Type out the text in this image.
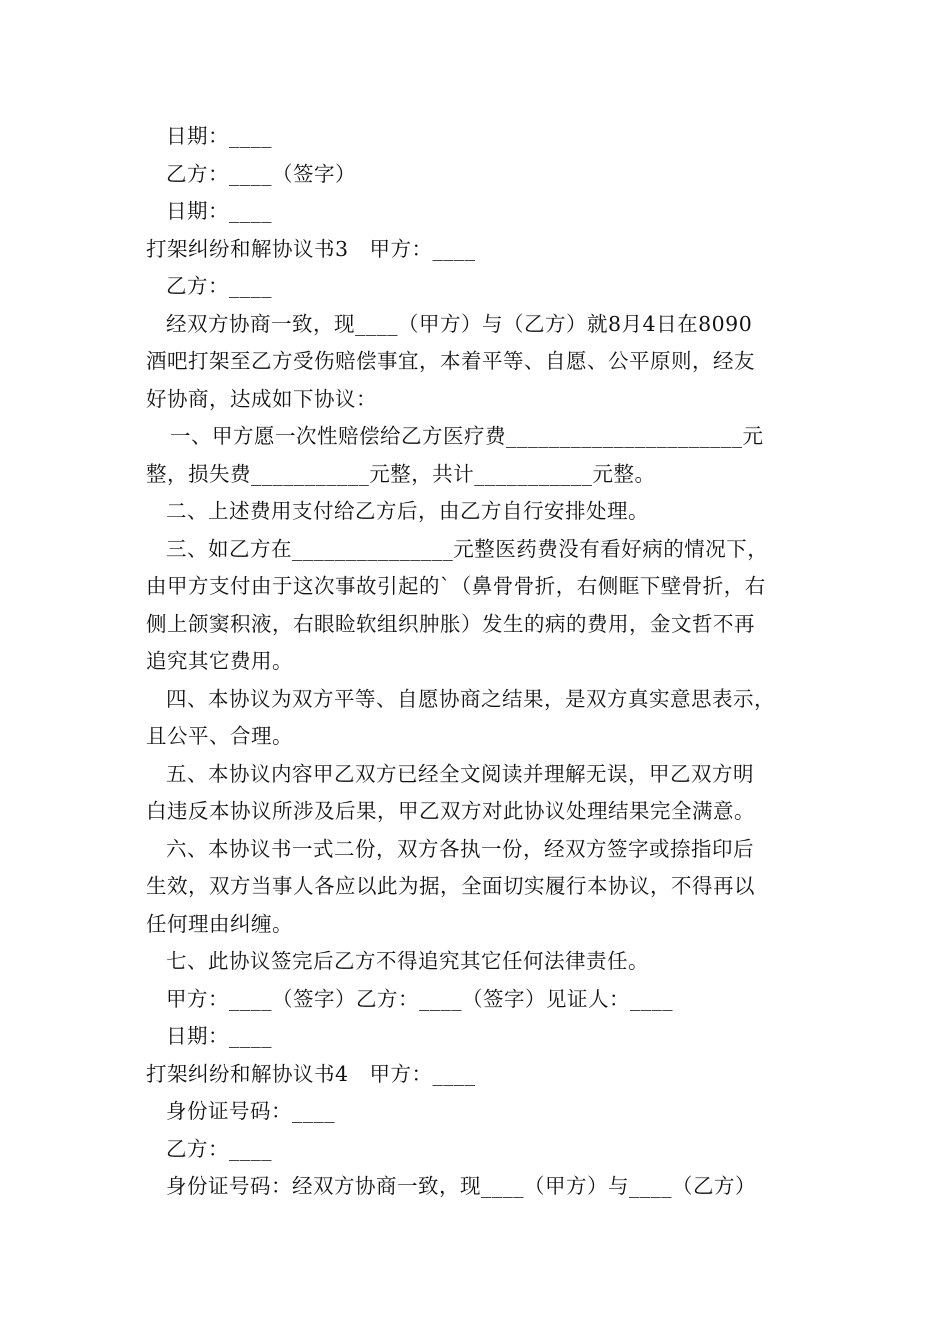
日期：____
乙方：____（签字）
日期：____
打架纠纷和解协议书3　甲方：____
乙方：____
经双方协商一致，现____（甲方）与（乙方）就8月4日在8090
酒吧打架至乙方受伤赔偿事宜，本着平等、自愿、公平原则，经友
好协商，达成如下协议：
一、甲方愿一次性赔偿给乙方医疗费______________________元
整，损失费___________元整，共计___________元整。
二、上述费用支付给乙方后，由乙方自行安排处理。
三、如乙方在_______________元整医药费没有看好病的情况下，
由甲方支付由于这次事故引起的`（鼻骨骨折，右侧眶下壁骨折，右
侧上颌窦积液，右眼睑软组织肿胀）发生的病的费用，金文哲不再
追究其它费用。
四、本协议为双方平等、自愿协商之结果，是双方真实意思表示，
且公平、合理。
五、本协议内容甲乙双方已经全文阅读并理解无误，甲乙双方明
白违反本协议所涉及后果，甲乙双方对此协议处理结果完全满意。
六、本协议书一式二份，双方各执一份，经双方签字或捺指印后
生效，双方当事人各应以此为据，全面切实履行本协议，不得再以
任何理由纠缠。
七、此协议签完后乙方不得追究其它任何法律责任。
甲方：____（签字）乙方：____（签字）见证人：____
日期：____
打架纠纷和解协议书4　甲方：____
身份证号码：____
乙方：____
身份证号码：经双方协商一致，现____（甲方）与____（乙方）
